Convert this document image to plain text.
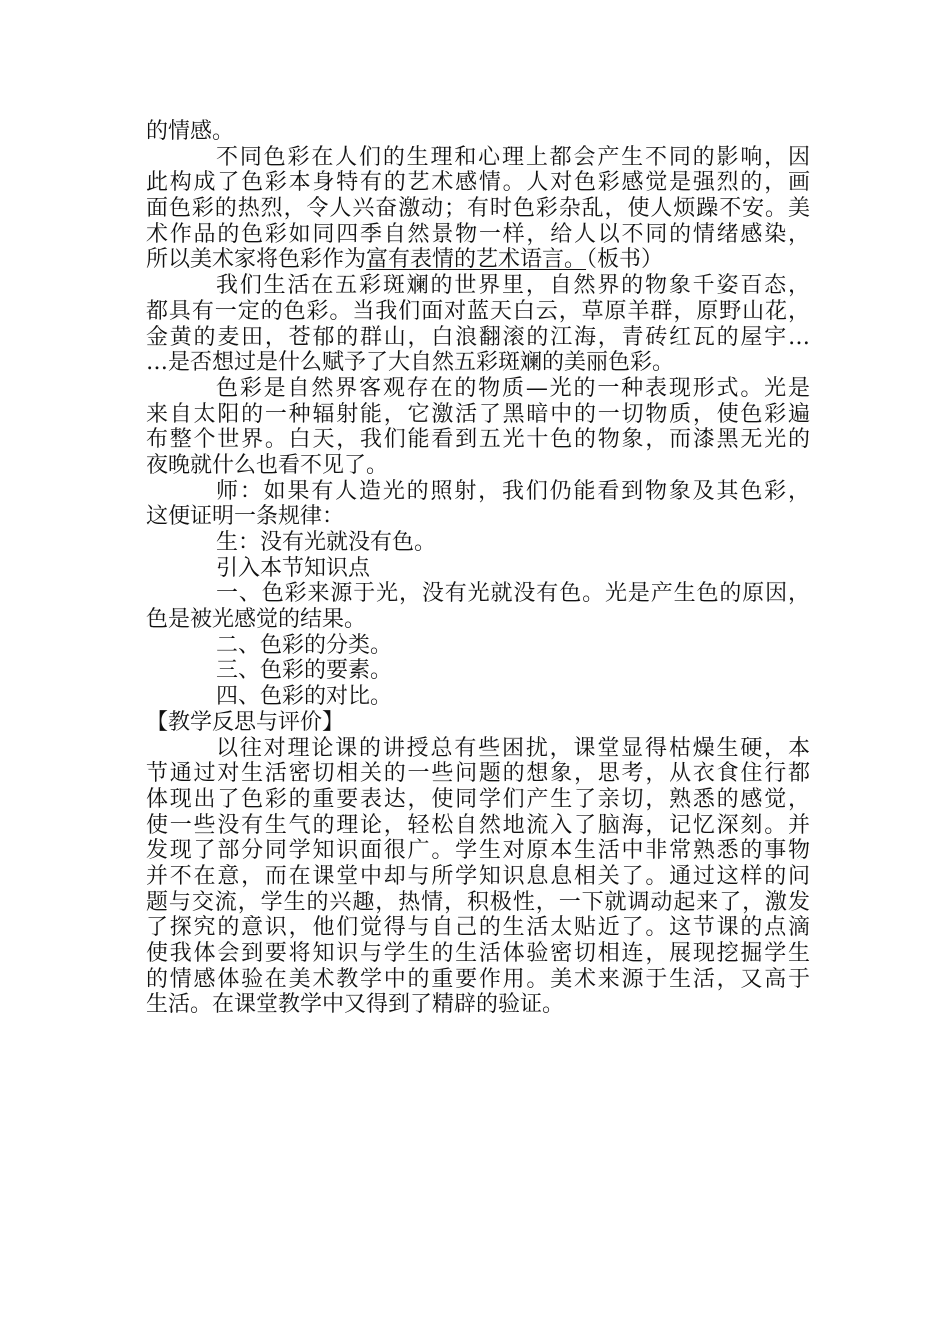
的情感。
不同色彩在人们的生理和心理上都会产生不同的影响，因
此构成了色彩本身特有的艺术感情。人对色彩感觉是强烈的，画
面色彩的热烈，令人兴奋激动；有时色彩杂乱，使人烦躁不安。美
术作品的色彩如同四季自然景物一样，给人以不同的情绪感染，
所以美术家将色彩作为富有表情的艺术语言。（板书）
我们生活在五彩斑斓的世界里，自然界的物象千姿百态，
都具有一定的色彩。当我们面对蓝天白云，草原羊群，原野山花，
金黄的麦田，苍郁的群山，白浪翻滚的江海，青砖红瓦的屋宇…
…是否想过是什么赋予了大自然五彩斑斓的美丽色彩。
色彩是自然界客观存在的物质—光的一种表现形式。光是
来自太阳的一种辐射能，它激活了黑暗中的一切物质，使色彩遍
布整个世界。白天，我们能看到五光十色的物象，而漆黑无光的
夜晚就什么也看不见了。
师：如果有人造光的照射，我们仍能看到物象及其色彩，
这便证明一条规律：
生：没有光就没有色。
引入本节知识点
一、色彩来源于光，没有光就没有色。光是产生色的原因，
色是被光感觉的结果。
二、色彩的分类。
三、色彩的要素。
四、色彩的对比。
【教学反思与评价】
以往对理论课的讲授总有些困扰，课堂显得枯燥生硬，本
节通过对生活密切相关的一些问题的想象，思考，从衣食住行都
体现出了色彩的重要表达，使同学们产生了亲切，熟悉的感觉，
使一些没有生气的理论，轻松自然地流入了脑海，记忆深刻。并
发现了部分同学知识面很广。学生对原本生活中非常熟悉的事物
并不在意，而在课堂中却与所学知识息息相关了。通过这样的问
题与交流，学生的兴趣，热情，积极性，一下就调动起来了，激发
了探究的意识，他们觉得与自己的生活太贴近了。这节课的点滴
使我体会到要将知识与学生的生活体验密切相连，展现挖掘学生
的情感体验在美术教学中的重要作用。美术来源于生活，又高于
生活。在课堂教学中又得到了精辟的验证。
